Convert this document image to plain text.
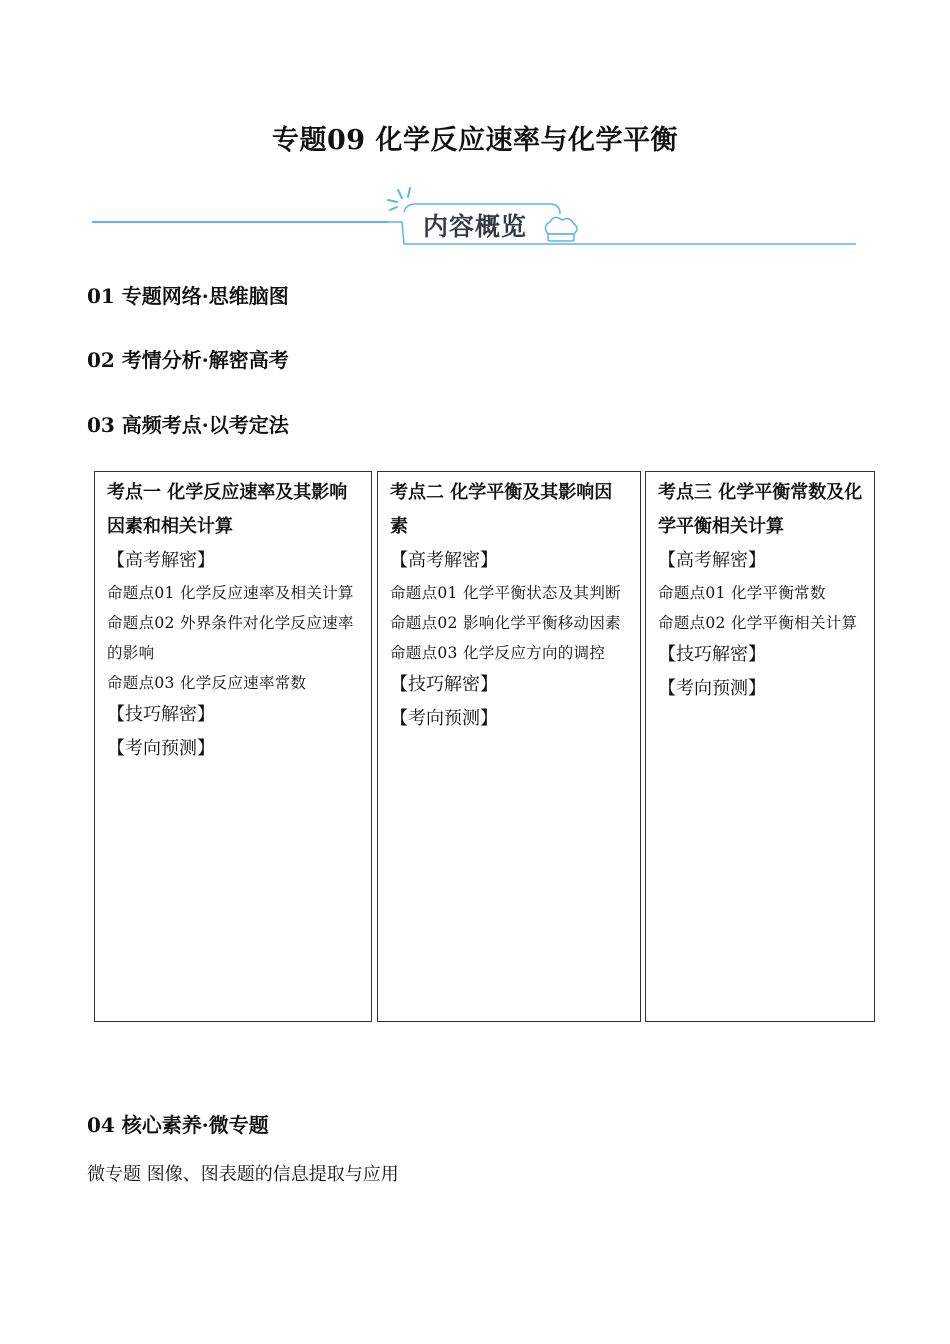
专题09 化学反应速率与化学平衡
内容概览
01 专题网络·思维脑图
02 考情分析·解密高考
03 高频考点·以考定法
考点一 化学反应速率及其影响因素和相关计算
【高考解密】
命题点01 化学反应速率及相关计算
命题点02 外界条件对化学反应速率的影响
命题点03 化学反应速率常数
【技巧解密】
【考向预测】
考点二 化学平衡及其影响因素
【高考解密】
命题点01 化学平衡状态及其判断
命题点02 影响化学平衡移动因素
命题点03 化学反应方向的调控
【技巧解密】
【考向预测】
考点三 化学平衡常数及化学平衡相关计算
【高考解密】
命题点01 化学平衡常数
命题点02 化学平衡相关计算
【技巧解密】
【考向预测】
04 核心素养·微专题
微专题 图像、图表题的信息提取与应用
